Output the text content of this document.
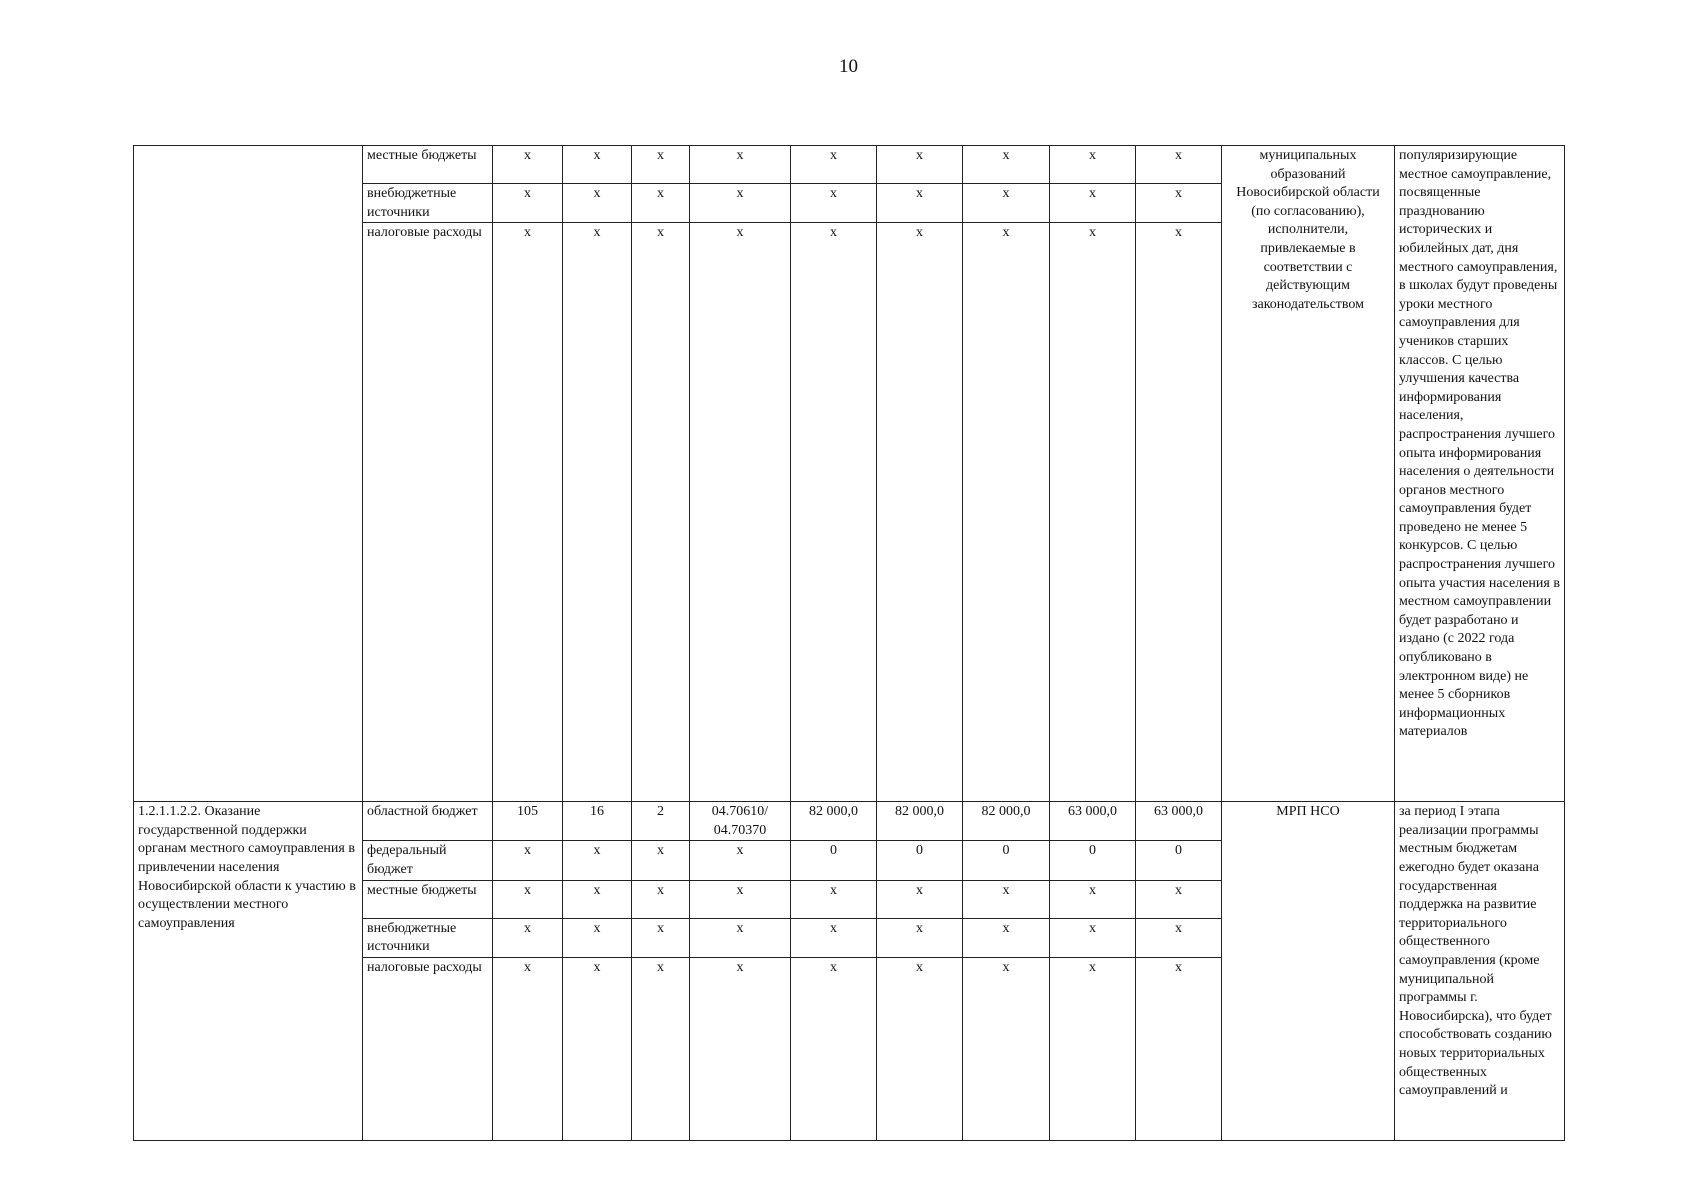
10
	местные бюджеты	х	х	х	х	х	х	х	х	х	муниципальных образований Новосибирской области (по согласованию), исполнители, привлекаемые в соответствии с действующим законодательством	популяризирующие местное самоуправление, посвященные празднованию исторических и юбилейных дат, дня местного самоуправления, в школах будут проведены уроки местного самоуправления для учеников старших классов. С целью улучшения качества информирования населения, распространения лучшего опыта информирования населения о деятельности органов местного самоуправления будет проведено не менее 5 конкурсов. С целью распространения лучшего опыта участия населения в местном самоуправлении будет разработано и издано (с 2022 года опубликовано в электронном виде) не менее 5 сборников информационных материалов
	внебюджетные источники	х	х	х	х	х	х	х	х	х		
	налоговые расходы	х	х	х	х	х	х	х	х	х		
1.2.1.1.2.2. Оказание государственной поддержки органам местного самоуправления в привлечении населения Новосибирской области к участию в осуществлении местного самоуправления	областной бюджет	105	16	2	04.70610/ 04.70370	82 000,0	82 000,0	82 000,0	63 000,0	63 000,0	МРП НСО	за период I этапа реализации программы местным бюджетам ежегодно будет оказана государственная поддержка на развитие территориального общественного самоуправления (кроме муниципальной программы г. Новосибирска), что будет способствовать созданию новых территориальных общественных самоуправлений и
	федеральный бюджет	х	х	х	х	0	0	0	0	0		
	местные бюджеты	х	х	х	х	х	х	х	х	х		
	внебюджетные источники	х	х	х	х	х	х	х	х	х		
	налоговые расходы	х	х	х	х	х	х	х	х	х		
